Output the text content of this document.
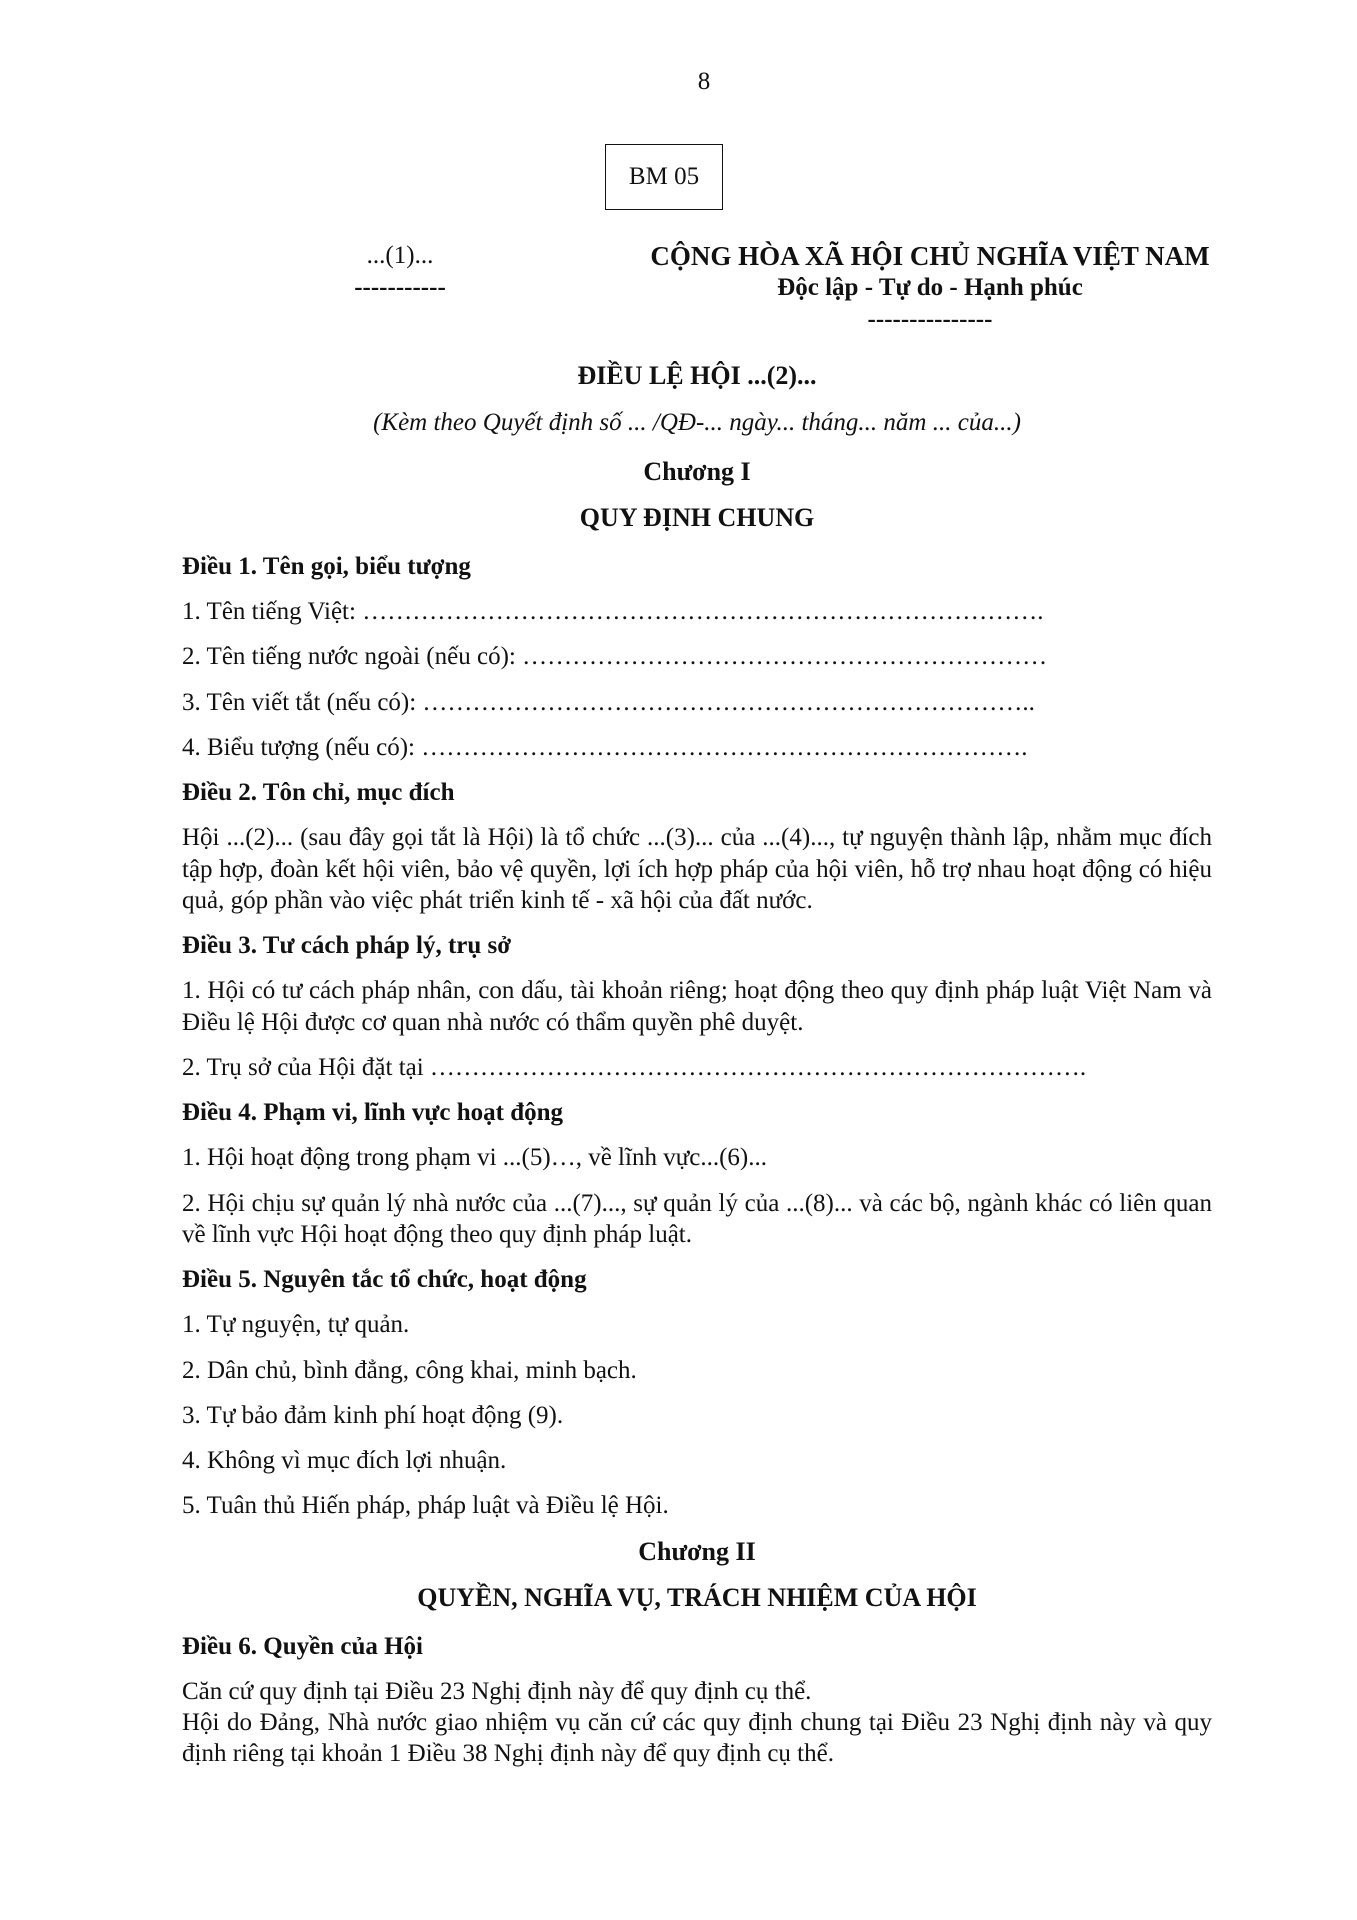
8
BM 05
...(1)...
-----------
CỘNG HÒA XÃ HỘI CHỦ NGHĨA VIỆT NAM
Độc lập - Tự do - Hạnh phúc
---------------
ĐIỀU LỆ HỘI ...(2)...
(Kèm theo Quyết định số ... /QĐ-... ngày... tháng... năm ... của...)
Chương I
QUY ĐỊNH CHUNG
Điều 1. Tên gọi, biểu tượng

1. Tên tiếng Việt: ……………………………………………………………………….

2. Tên tiếng nước ngoài (nếu có): ………………………………………………………

3. Tên viết tắt (nếu có): ………………………………………………………………..

4. Biểu tượng (nếu có): ……………………………………………………………….

Điều 2. Tôn chỉ, mục đích

Hội ...(2)... (sau đây gọi tắt là Hội) là tổ chức ...(3)... của ...(4)..., tự nguyện thành lập, nhằm mục đích tập hợp, đoàn kết hội viên, bảo vệ quyền, lợi ích hợp pháp của hội viên, hỗ trợ nhau hoạt động có hiệu quả, góp phần vào việc phát triển kinh tế - xã hội của đất nước.

Điều 3. Tư cách pháp lý, trụ sở

1. Hội có tư cách pháp nhân, con dấu, tài khoản riêng; hoạt động theo quy định pháp luật Việt Nam và Điều lệ Hội được cơ quan nhà nước có thẩm quyền phê duyệt.

2. Trụ sở của Hội đặt tại …………………………………………………………………….

Điều 4. Phạm vi, lĩnh vực hoạt động

1. Hội hoạt động trong phạm vi ...(5)…, về lĩnh vực...(6)...

2. Hội chịu sự quản lý nhà nước của ...(7)..., sự quản lý của ...(8)... và các bộ, ngành khác có liên quan về lĩnh vực Hội hoạt động theo quy định pháp luật.

Điều 5. Nguyên tắc tổ chức, hoạt động

1. Tự nguyện, tự quản.

2. Dân chủ, bình đẳng, công khai, minh bạch.

3. Tự bảo đảm kinh phí hoạt động (9).

4. Không vì mục đích lợi nhuận.

5. Tuân thủ Hiến pháp, pháp luật và Điều lệ Hội.

Chương II
QUYỀN, NGHĨA VỤ, TRÁCH NHIỆM CỦA HỘI
Điều 6. Quyền của Hội

Căn cứ quy định tại Điều 23 Nghị định này để quy định cụ thể.

Hội do Đảng, Nhà nước giao nhiệm vụ căn cứ các quy định chung tại Điều 23 Nghị định này và quy định riêng tại khoản 1 Điều 38 Nghị định này để quy định cụ thể.
